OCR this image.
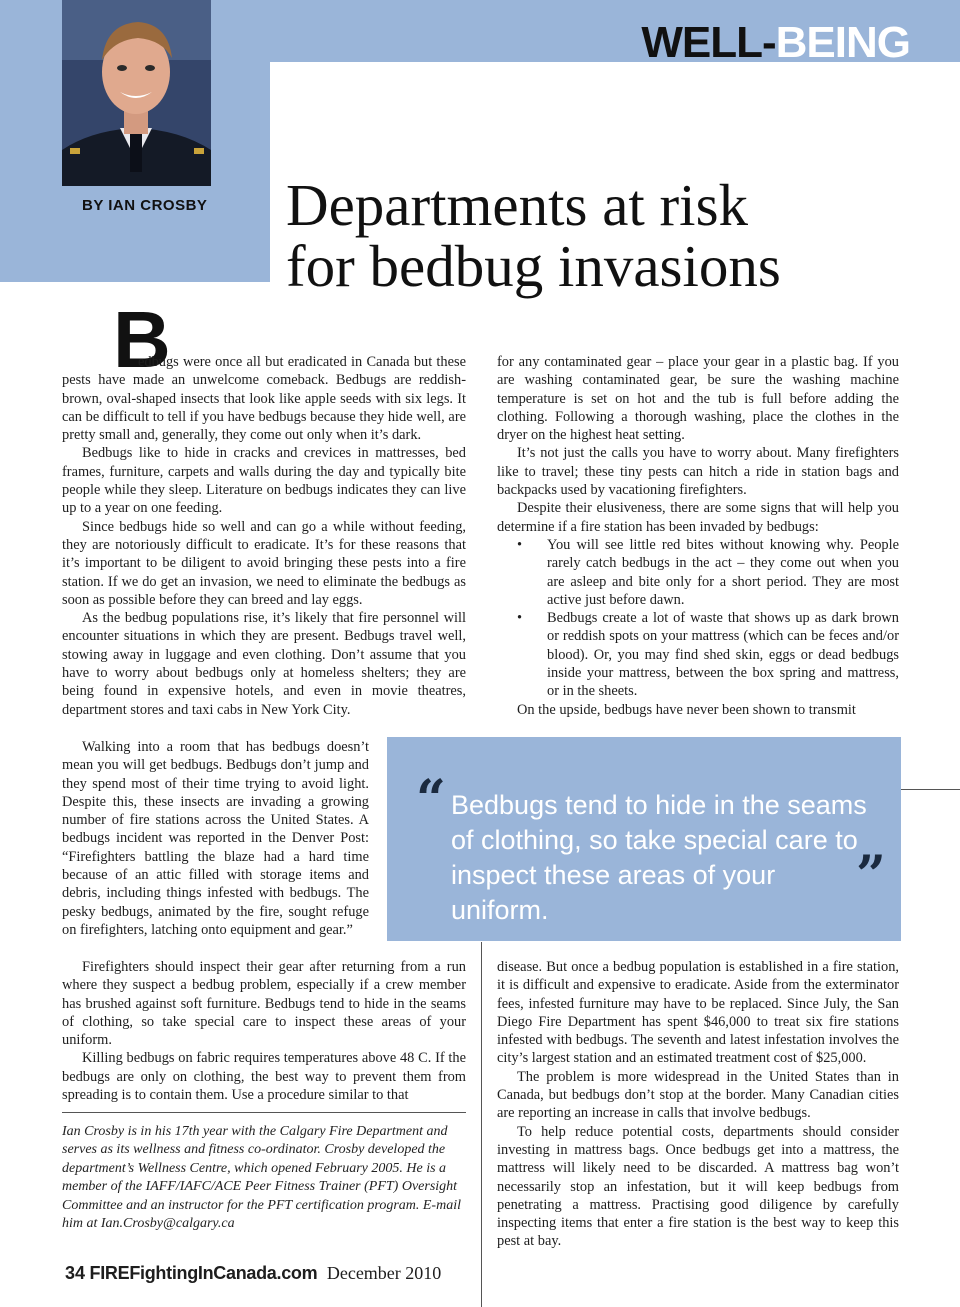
WELL-BEING
BY IAN CROSBY Departments at risk
for bedbug invasions
B

edbugs were once all but eradicated in Canada but these pests have made an unwelcome comeback. Bedbugs are reddish-brown, oval-shaped insects that look like apple seeds with six legs. It can be difficult to tell if you have bedbugs because they hide well, are pretty small and, generally, they come out only when it’s dark.

Bedbugs like to hide in cracks and crevices in mattresses, bed frames, furniture, carpets and walls during the day and typically bite people while they sleep. Literature on bedbugs indicates they can live up to a year on one feeding.

Since bedbugs hide so well and can go a while without feeding, they are notoriously difficult to eradicate. It’s for these reasons that it’s important to be diligent to avoid bringing these pests into a fire station. If we do get an invasion, we need to eliminate the bedbugs as soon as possible before they can breed and lay eggs.

As the bedbug populations rise, it’s likely that fire personnel will encounter situations in which they are present. Bedbugs travel well, stowing away in luggage and even clothing. Don’t assume that you have to worry about bedbugs only at homeless shelters; they are being found in expensive hotels, and even in movie theatres, department stores and taxi cabs in New York City.

Walking into a room that has bedbugs doesn’t mean you will get bedbugs. Bedbugs don’t jump and they spend most of their time trying to avoid light. Despite this, these insects are invading a growing number of fire stations across the United States. A bedbugs incident was reported in the Denver Post: “Firefighters battling the blaze had a hard time because of an attic filled with storage items and debris, including things infested with bedbugs. The pesky bedbugs, animated by the fire, sought refuge on firefighters, latching onto equipment and gear.”

Firefighters should inspect their gear after returning from a run where they suspect a bedbug problem, especially if a crew member has brushed against soft furniture. Bedbugs tend to hide in the seams of clothing, so take special care to inspect these areas of your uniform.

Killing bedbugs on fabric requires temperatures above 48 C. If the bedbugs are only on clothing, the best way to prevent them from spreading is to contain them. Use a procedure similar to that

for any contaminated gear – place your gear in a plastic bag. If you are washing contaminated gear, be sure the washing machine temperature is set on hot and the tub is full before adding the clothing. Following a thorough washing, place the clothes in the dryer on the highest heat setting.

It’s not just the calls you have to worry about. Many firefighters like to travel; these tiny pests can hitch a ride in station bags and backpacks used by vacationing firefighters.

Despite their elusiveness, there are some signs that will help you determine if a fire station has been invaded by bedbugs:

• You will see little red bites without knowing why. People rarely catch bedbugs in the act – they come out when you are asleep and bite only for a short period. They are most active just before dawn.
• Bedbugs create a lot of waste that shows up as dark brown or reddish spots on your mattress (which can be feces and/or blood). Or, you may find shed skin, eggs or dead bedbugs inside your mattress, between the box spring and mattress, or in the sheets.

On the upside, bedbugs have never been shown to transmit

“ Bedbugs tend to hide in the seams of clothing, so take special care to inspect these areas of your uniform.
”

disease. But once a bedbug population is established in a fire station, it is difficult and expensive to eradicate. Aside from the exterminator fees, infested furniture may have to be replaced. Since July, the San Diego Fire Department has spent $46,000 to treat six fire stations infested with bedbugs. The seventh and latest infestation involves the city’s largest station and an estimated treatment cost of $25,000.

The problem is more widespread in the United States than in Canada, but bedbugs don’t stop at the border. Many Canadian cities are reporting an increase in calls that involve bedbugs.

To help reduce potential costs, departments should consider investing in mattress bags. Once bedbugs get into a mattress, the mattress will likely need to be discarded. A mattress bag won’t necessarily stop an infestation, but it will keep bedbugs from penetrating a mattress. Practising good diligence by carefully inspecting items that enter a fire station is the best way to keep this pest at bay.

Ian Crosby is in his 17th year with the Calgary Fire Department and serves as its wellness and fitness co-ordinator. Crosby developed the department’s Wellness Centre, which opened February 2005. He is a member of the IAFF/IAFC/ACE Peer Fitness Trainer (PFT) Oversight Committee and an instructor for the PFT certification program. E-mail him at Ian.Crosby@calgary.ca
34 FIREFightingInCanada.com December 2010
